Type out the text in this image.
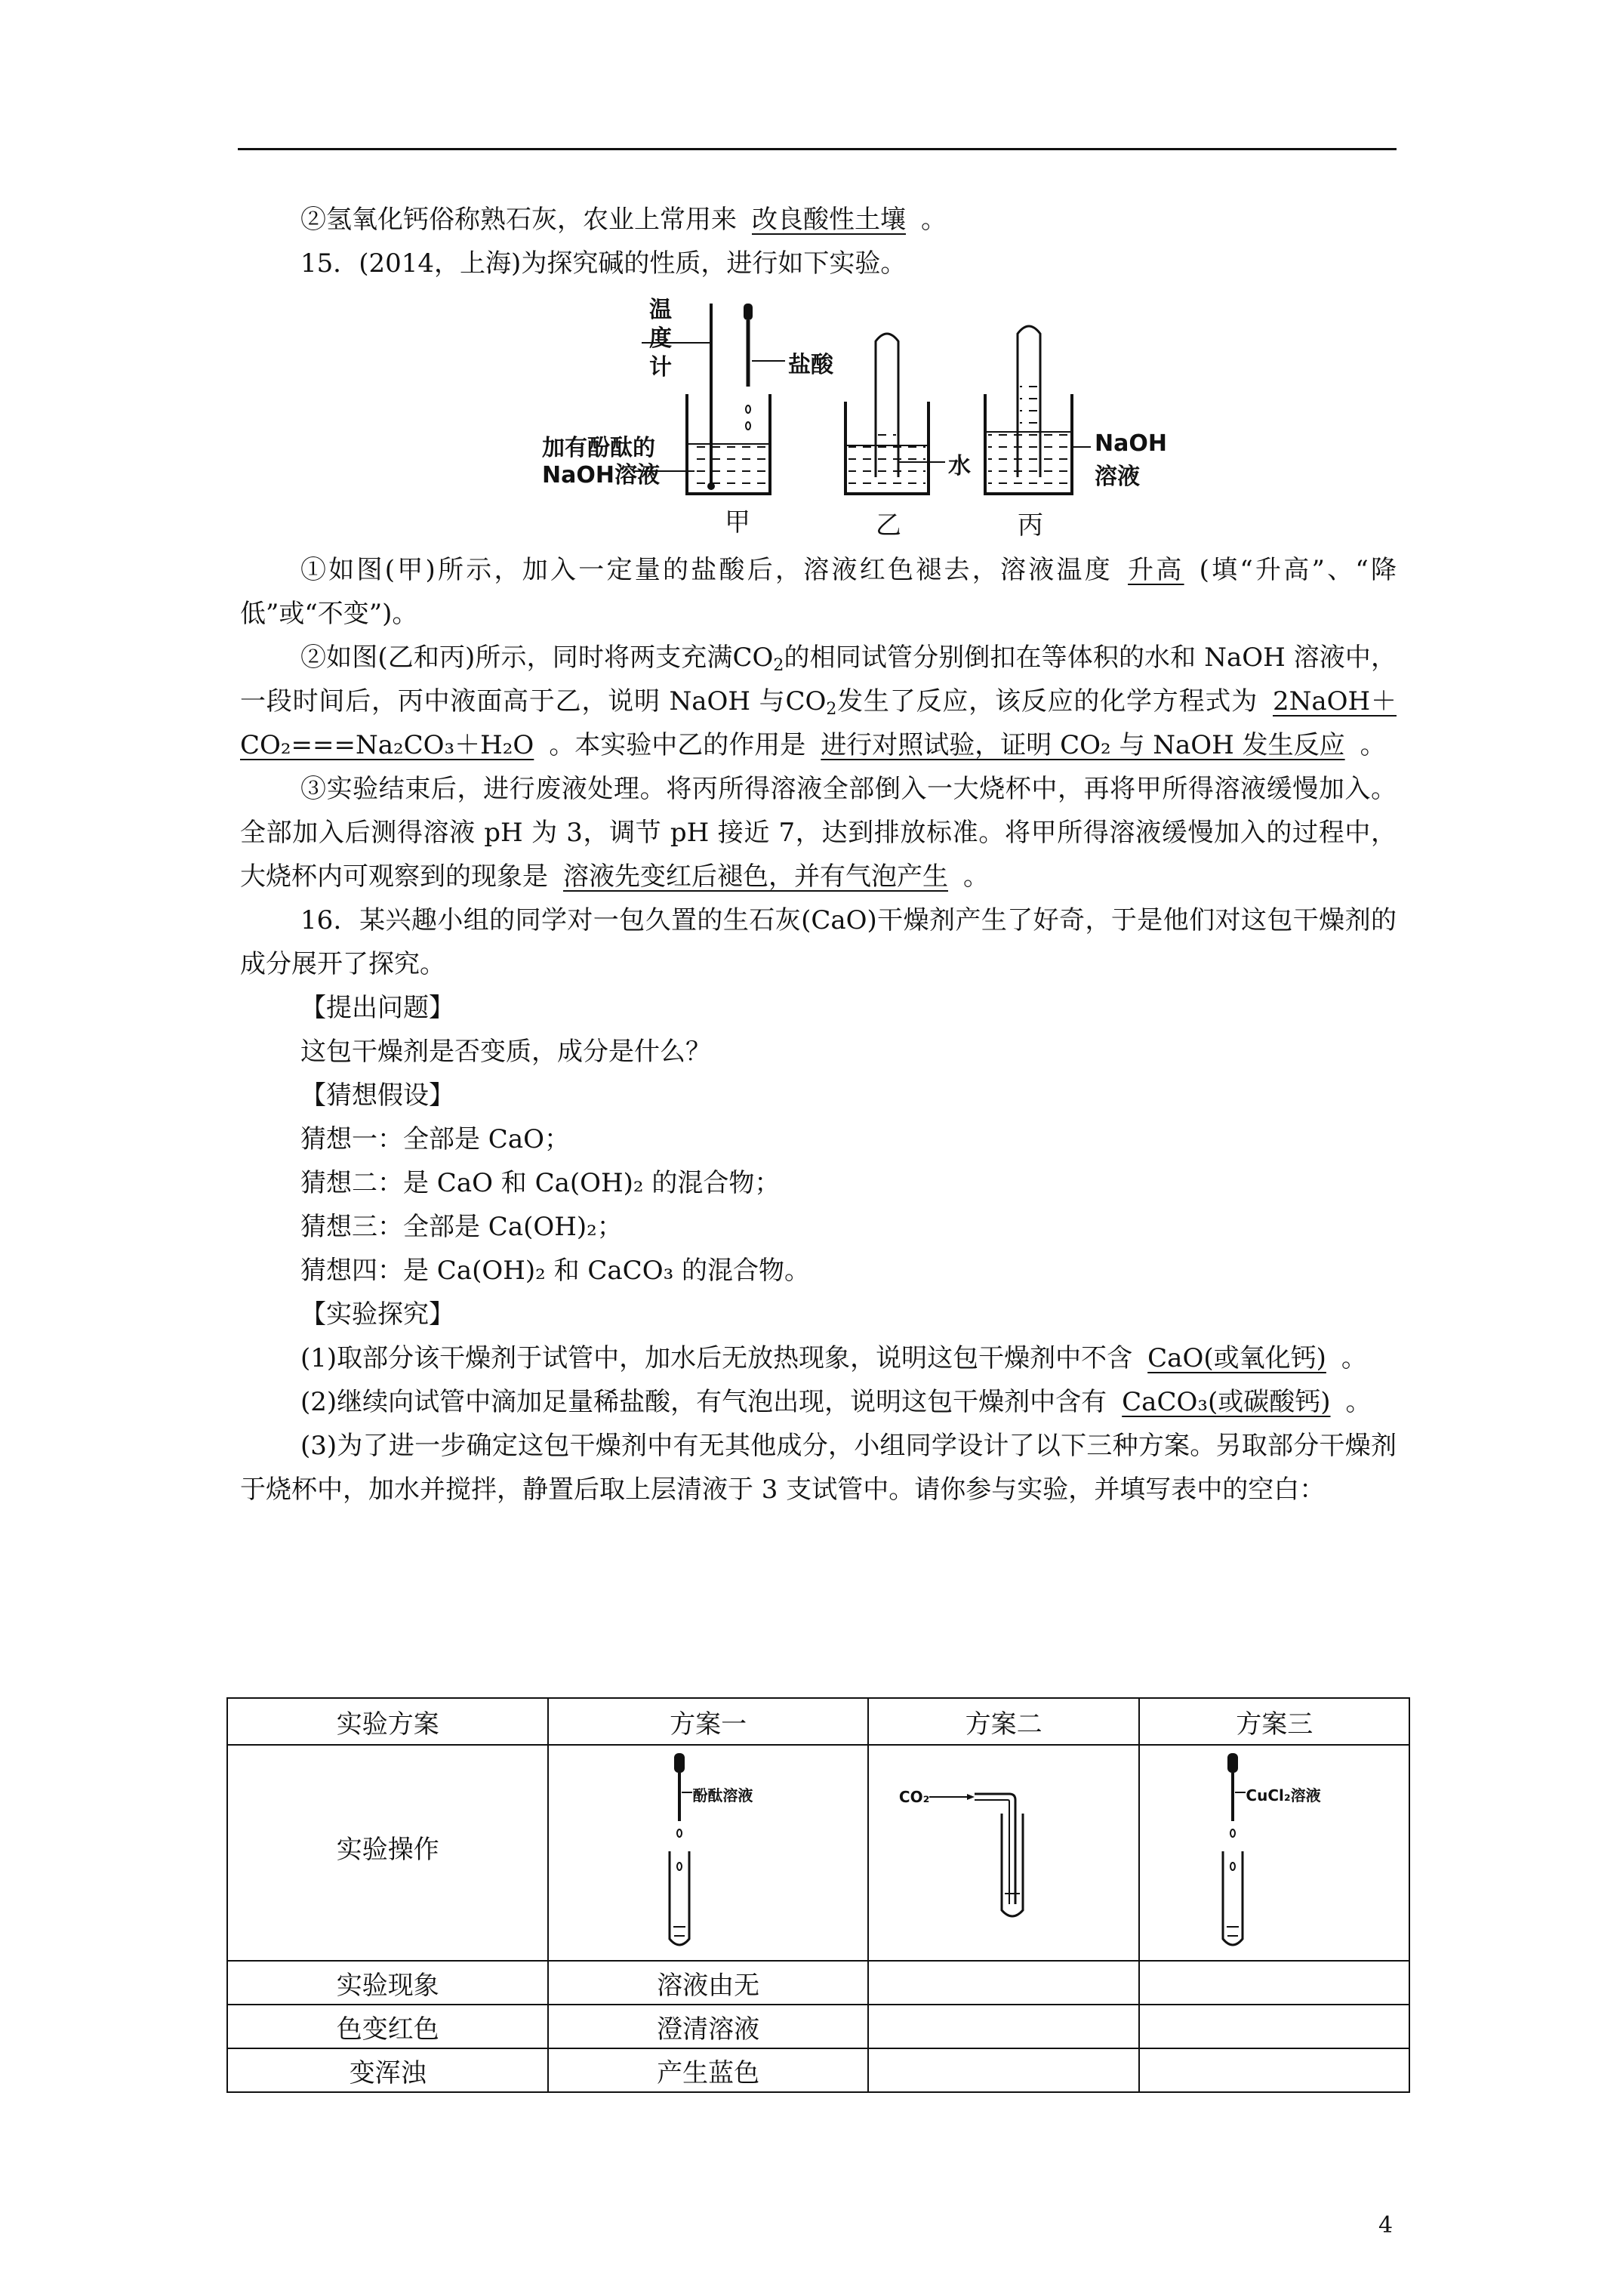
②氢氧化钙俗称熟石灰，农业上常用来 改良酸性土壤 。

15．(2014，上海)为探究碱的性质，进行如下实验。

①如图(甲)所示，加入一定量的盐酸后，溶液红色褪去，溶液温度 升高 (填“升高”、“降低”或“不变”)。

②如图(乙和丙)所示，同时将两支充满$CO_2$的相同试管分别倒扣在等体积的水和 NaOH 溶液中，一段时间后，丙中液面高于乙，说明 NaOH 与$CO_2$发生了反应，该反应的化学方程式为 2NaOH＋CO₂===Na₂CO₃＋H₂O 。本实验中乙的作用是 进行对照试验，证明 CO₂ 与 NaOH 发生反应 。

③实验结束后，进行废液处理。将丙所得溶液全部倒入一大烧杯中，再将甲所得溶液缓慢加入。全部加入后测得溶液 pH 为 3，调节 pH 接近 7，达到排放标准。将甲所得溶液缓慢加入的过程中，大烧杯内可观察到的现象是 溶液先变红后褪色，并有气泡产生 。

16．某兴趣小组的同学对一包久置的生石灰(CaO)干燥剂产生了好奇，于是他们对这包干燥剂的成分展开了探究。

【提出问题】

这包干燥剂是否变质，成分是什么？

【猜想假设】

猜想一：全部是 CaO；

猜想二：是 CaO 和 Ca(OH)₂ 的混合物；

猜想三：全部是 Ca(OH)₂；

猜想四：是 Ca(OH)₂ 和 CaCO₃ 的混合物。

【实验探究】

(1)取部分该干燥剂于试管中，加水后无放热现象，说明这包干燥剂中不含 CaO(或氧化钙) 。

(2)继续向试管中滴加足量稀盐酸，有气泡出现，说明这包干燥剂中含有 CaCO₃(或碳酸钙) 。

(3)为了进一步确定这包干燥剂中有无其他成分，小组同学设计了以下三种方案。另取部分干燥剂于烧杯中，加水并搅拌，静置后取上层清液于 3 支试管中。请你参与实验，并填写表中的空白：

温
度
计	盐酸
加有酚酞的
NaOH溶液	水
NaOH
溶液
甲	乙	丙
实验方案	方案一	方案二	方案三
实验操作	酚酞溶液	CO₂	CuCl₂溶液

实验现象	溶液由无		
色变红色	澄清溶液		
变浑浊	产生蓝色		
4
